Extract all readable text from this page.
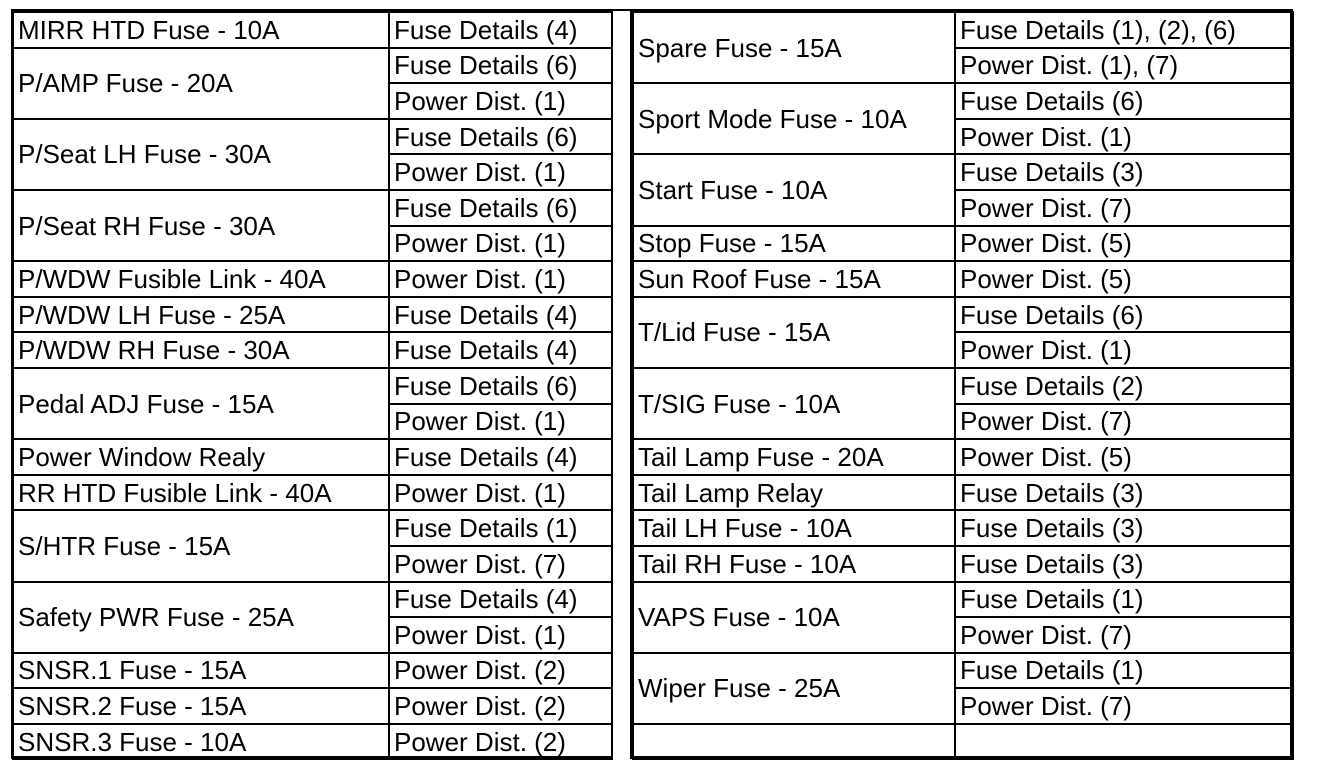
MIRR HTD Fuse - 10A	Fuse Details (4)
P/AMP Fuse - 20A	Fuse Details (6)
	Power Dist. (1)
P/Seat LH Fuse - 30A	Fuse Details (6)
	Power Dist. (1)
P/Seat RH Fuse - 30A	Fuse Details (6)
	Power Dist. (1)
P/WDW Fusible Link - 40A	Power Dist. (1)
P/WDW LH Fuse - 25A	Fuse Details (4)
P/WDW RH Fuse - 30A	Fuse Details (4)
Pedal ADJ Fuse - 15A	Fuse Details (6)
	Power Dist. (1)
Power Window Realy	Fuse Details (4)
RR HTD Fusible Link - 40A	Power Dist. (1)
S/HTR Fuse - 15A	Fuse Details (1)
	Power Dist. (7)
Safety PWR Fuse - 25A	Fuse Details (4)
	Power Dist. (1)
SNSR.1 Fuse - 15A	Power Dist. (2)
SNSR.2 Fuse - 15A	Power Dist. (2)
SNSR.3 Fuse - 10A	Power Dist. (2)
Spare Fuse - 15A	Fuse Details (1), (2), (6)
	Power Dist. (1), (7)
Sport Mode Fuse - 10A	Fuse Details (6)
	Power Dist. (1)
Start Fuse - 10A	Fuse Details (3)
	Power Dist. (7)
Stop Fuse - 15A	Power Dist. (5)
Sun Roof Fuse - 15A	Power Dist. (5)
T/Lid Fuse - 15A	Fuse Details (6)
	Power Dist. (1)
T/SIG Fuse - 10A	Fuse Details (2)
	Power Dist. (7)
Tail Lamp Fuse - 20A	Power Dist. (5)
Tail Lamp Relay	Fuse Details (3)
Tail LH Fuse - 10A	Fuse Details (3)
Tail RH Fuse - 10A	Fuse Details (3)
VAPS Fuse - 10A	Fuse Details (1)
	Power Dist. (7)
Wiper Fuse - 25A	Fuse Details (1)
	Power Dist. (7)
